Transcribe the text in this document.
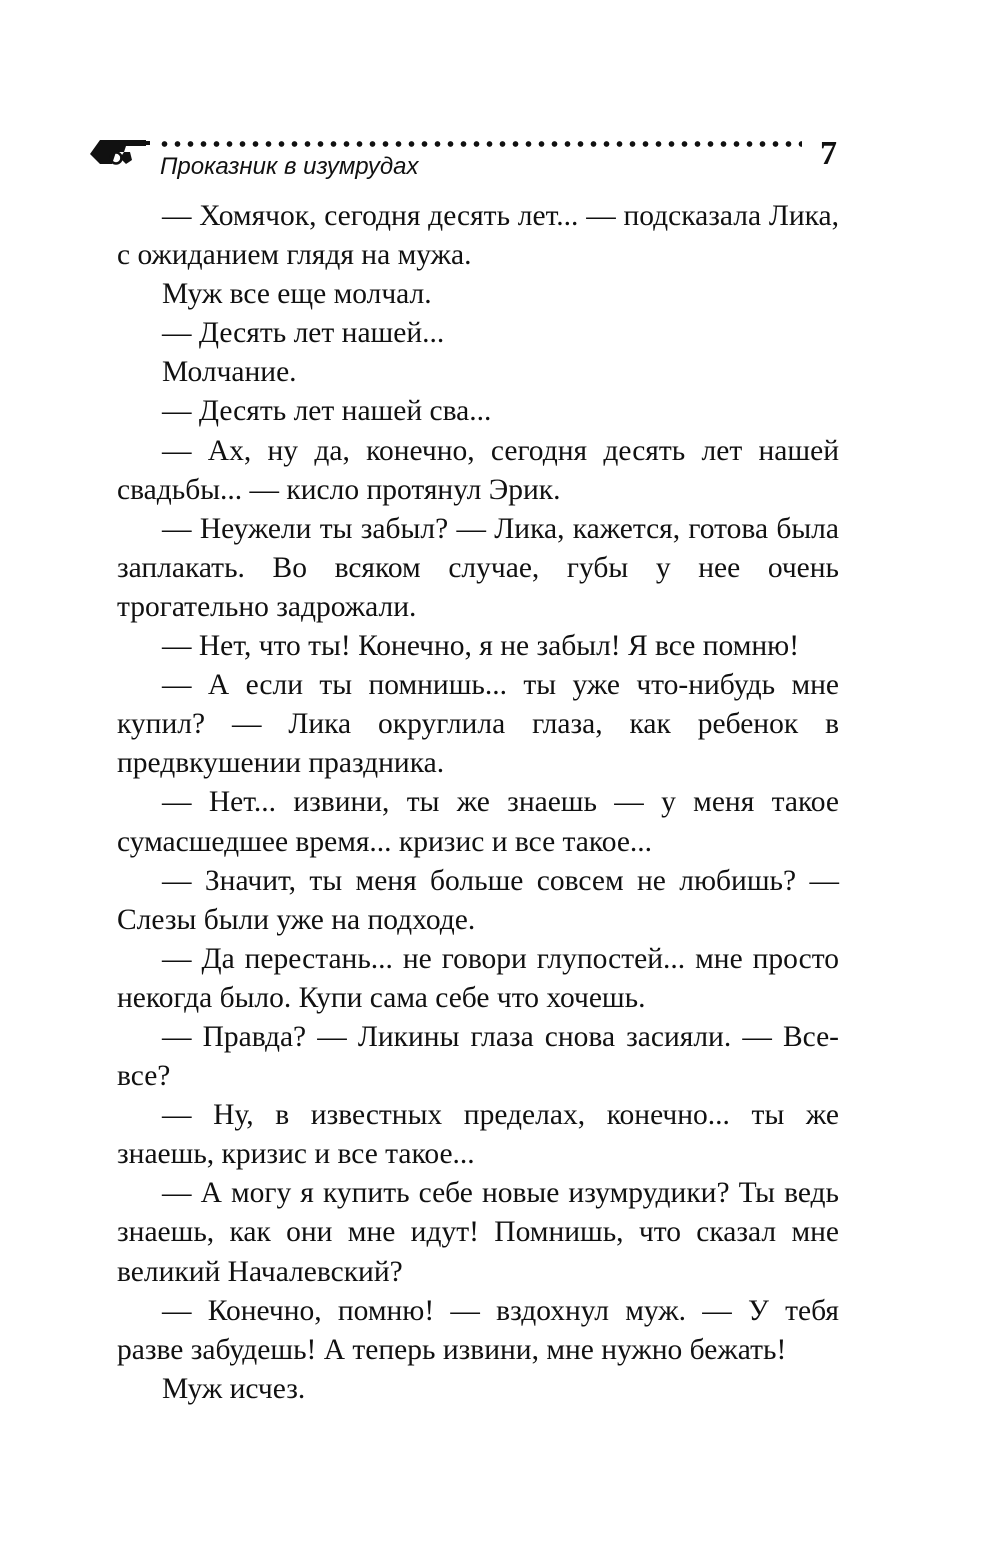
Проказник в изумрудах	7

— Хомячок, сегодня десять лет... — подсказала Лика, с ожиданием глядя на мужа.

Муж все еще молчал.

— Десять лет нашей...

Молчание.

— Десять лет нашей сва...

— Ах, ну да, конечно, сегодня десять лет нашей свадьбы... — кисло протянул Эрик.

— Неужели ты забыл? — Лика, кажется, готова была заплакать. Во всяком случае, губы у нее очень трогательно задрожали.

— Нет, что ты! Конечно, я не забыл! Я все помню!

— А если ты помнишь... ты уже что-нибудь мне купил? — Лика округлила глаза, как ребенок в предвкушении праздника.

— Нет... извини, ты же знаешь — у меня такое сумасшедшее время... кризис и все такое...

— Значит, ты меня больше совсем не любишь? — Слезы были уже на подходе.

— Да перестань... не говори глупостей... мне просто некогда было. Купи сама себе что хочешь.

— Правда? — Ликины глаза снова засияли. — Все-все?

— Ну, в известных пределах, конечно... ты же знаешь, кризис и все такое...

— А могу я купить себе новые изумрудики? Ты ведь знаешь, как они мне идут! Помнишь, что сказал мне великий Началевский?

— Конечно, помню! — вздохнул муж. — У тебя разве забудешь! А теперь извини, мне нужно бежать!

Муж исчез.
